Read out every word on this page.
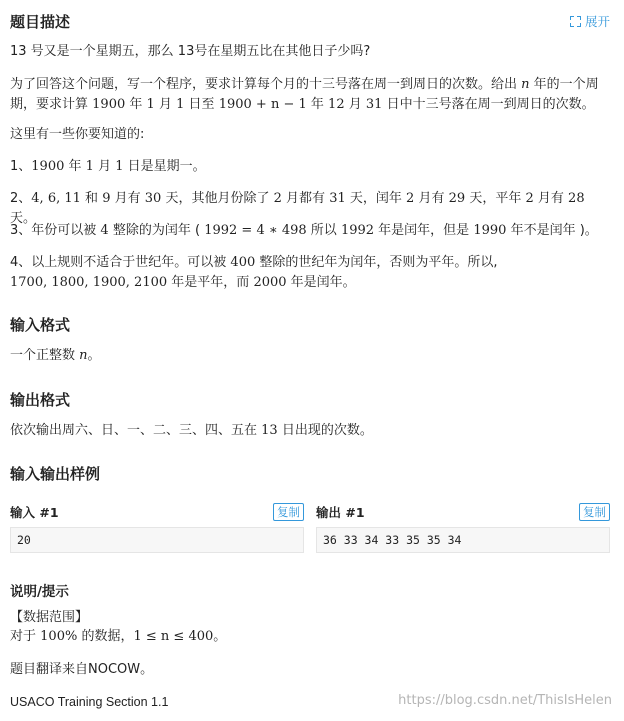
题目描述	展开

13 号又是一个星期五，那么 13号在星期五比在其他日子少吗?

为了回答这个问题，写一个程序，要求计算每个月的十三号落在周一到周日的次数。给出 n 年的一个周期，要求计算 1900 年 1 月 1 日至 1900 + n − 1 年 12 月 31 日中十三号落在周一到周日的次数。

这里有一些你要知道的:

1、1900 年 1 月 1 日是星期一。

2、4, 6, 11 和 9 月有 30 天，其他月份除了 2 月都有 31 天，闰年 2 月有 29 天，平年 2 月有 28 天。

3、年份可以被 4 整除的为闰年 ( 1992 = 4 ∗ 498 所以 1992 年是闰年，但是 1990 年不是闰年 )。

4、以上规则不适合于世纪年。可以被 400 整除的世纪年为闰年，否则为平年。所以,
1700, 1800, 1900, 2100 年是平年，而 2000 年是闰年。

输入格式

一个正整数 n。

输出格式

依次输出周六、日、一、二、三、四、五在 13 日出现的次数。

输入输出样例
输入 #1	复制
20
输出 #1	复制
36 33 34 33 35 35 34
说明/提示

【数据范围】

对于 100% 的数据，1 ≤ n ≤ 400。

题目翻译来自NOCOW。

USACO Training Section 1.1	https://blog.csdn.net/ThisIsHelen
